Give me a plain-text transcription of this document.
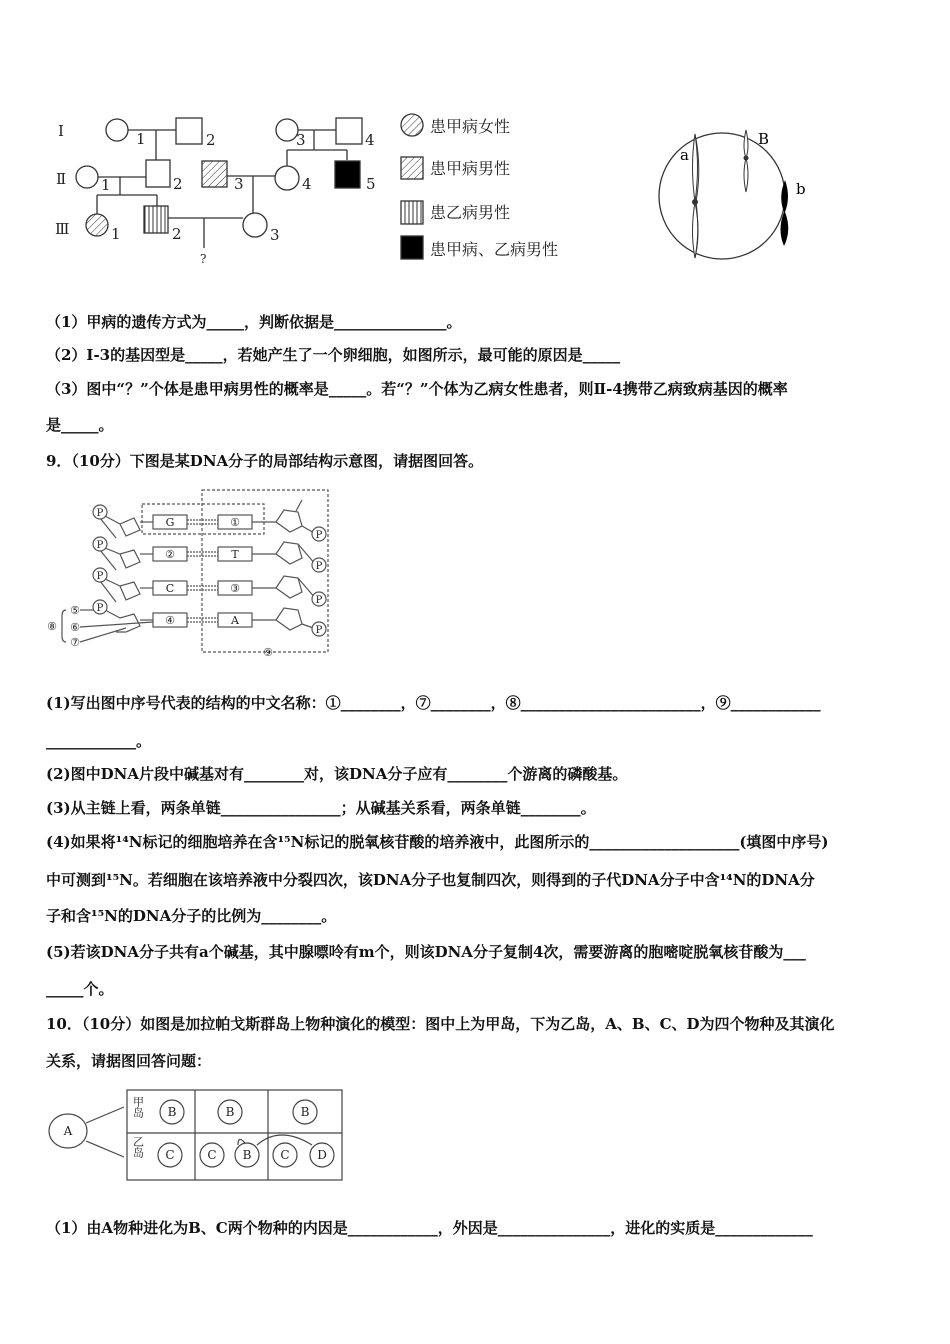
Ⅰ
Ⅱ
Ⅲ
1	2	3	4
1	2	3	4	5
1	2	3
?
患甲病女性
患甲病男性
患乙病男性
患甲病、乙病男性
a
B
b
（1）甲病的遗传方式为_____，判断依据是_______________。
（2）Ⅰ-3的基因型是_____，若她产生了一个卵细胞，如图所示，最可能的原因是_____
（3）图中“？”个体是患甲病男性的概率是_____。若“？”个体为乙病女性患者，则Ⅱ-4携带乙病致病基因的概率
是_____。
9．（10分）下图是某DNA分子的局部结构示意图，请据图回答。
P
P
P
P
P
P
P
P
G
②
C
④
①
T
③
A
⑤
⑥
⑦
⑧
⑨
(1)写出图中序号代表的结构的中文名称：①________，⑦________，⑧________________________，⑨____________
____________。
(2)图中DNA片段中碱基对有________对，该DNA分子应有________个游离的磷酸基。
(3)从主链上看，两条单链________________；从碱基关系看，两条单链________。
(4)如果将¹⁴N标记的细胞培养在含¹⁵N标记的脱氧核苷酸的培养液中，此图所示的____________________(填图中序号)
中可测到¹⁵N。若细胞在该培养液中分裂四次，该DNA分子也复制四次，则得到的子代DNA分子中含¹⁴N的DNA分
子和含¹⁵N的DNA分子的比例为________。
(5)若该DNA分子共有a个碱基，其中腺嘌呤有m个，则该DNA分子复制4次，需要游离的胞嘧啶脱氧核苷酸为___
_____个。
10．（10分）如图是加拉帕戈斯群岛上物种演化的模型：图中上为甲岛，下为乙岛，A、B、C、D为四个物种及其演化
关系，请据图回答问题：
A
B	B	B
C	C B C D
甲岛
乙岛
（1）由A物种进化为B、C两个物种的内因是____________，外因是_______________，进化的实质是_____________
